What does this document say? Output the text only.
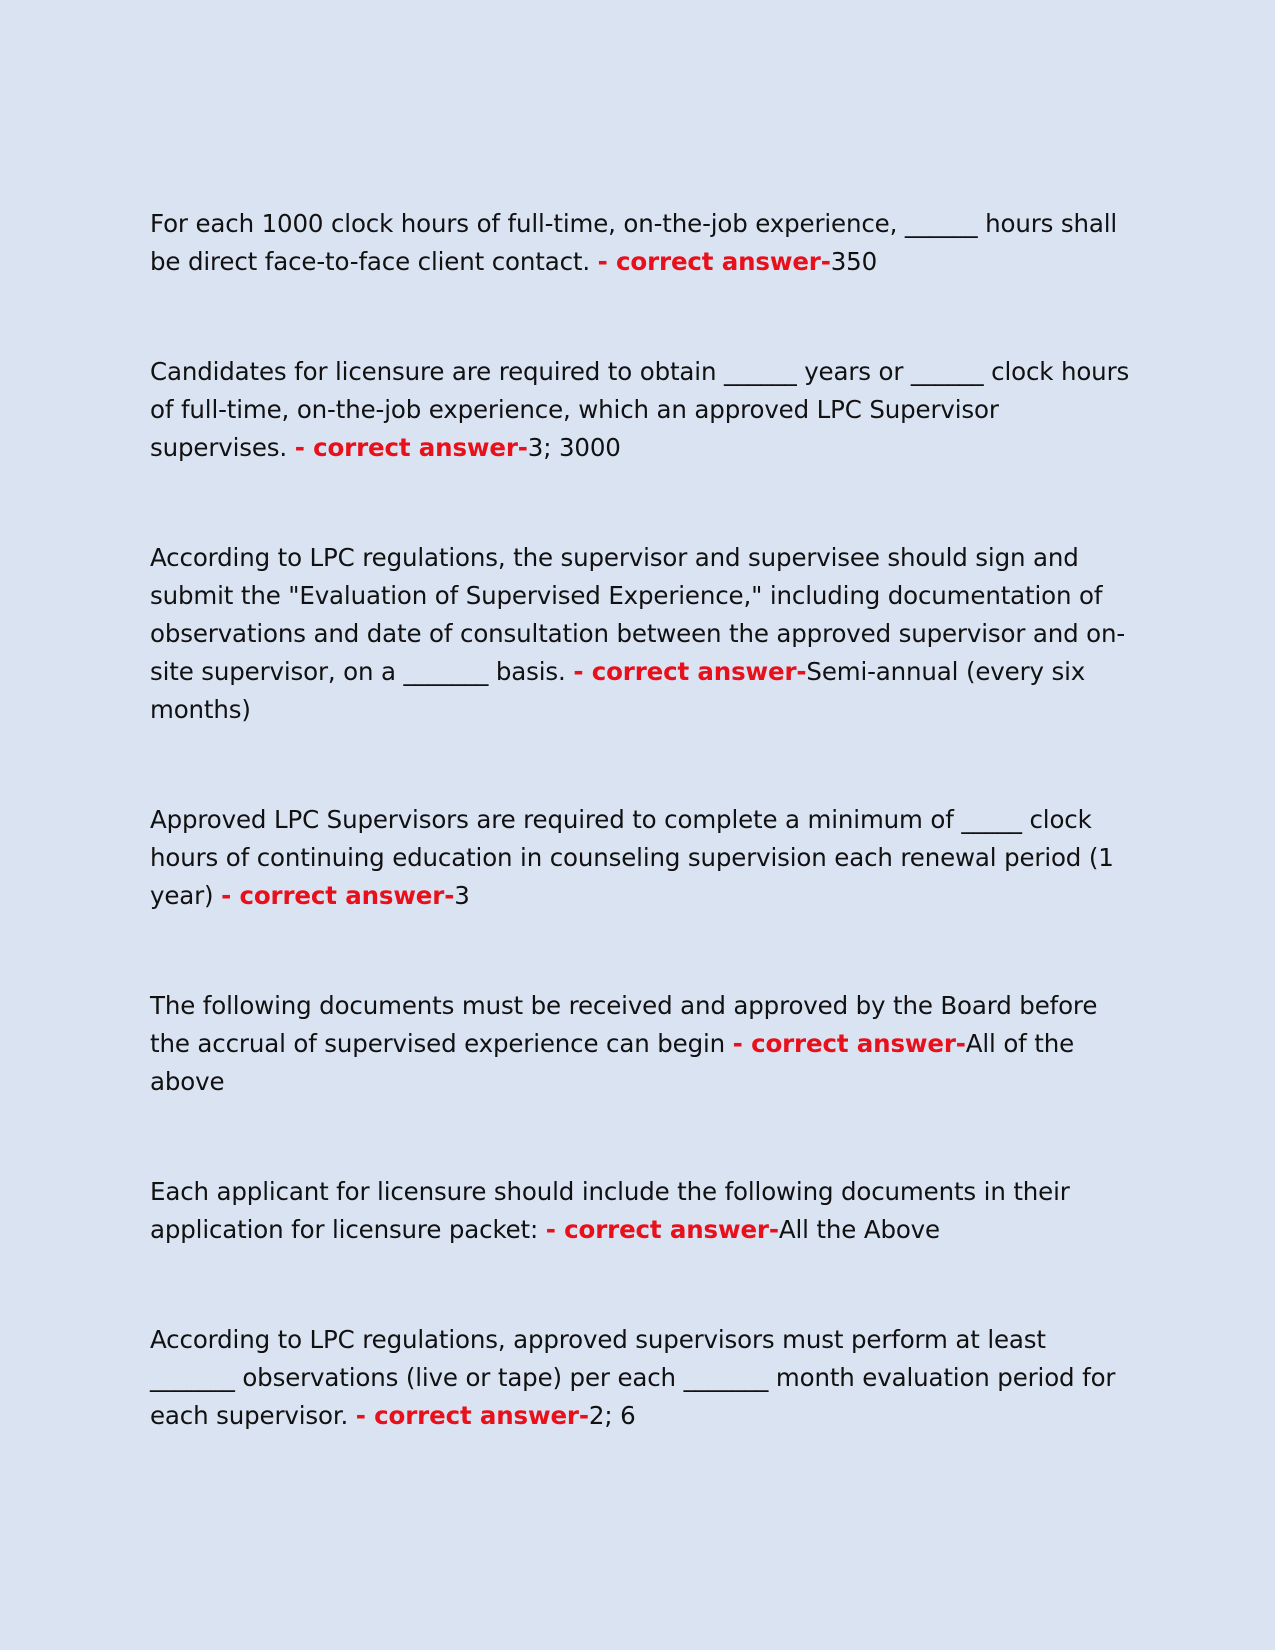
For each 1000 clock hours of full-time, on-the-job experience, ______ hours shall be direct face-to-face client contact. - correct answer-350

Candidates for licensure are required to obtain ______ years or ______ clock hours of full-time, on-the-job experience, which an approved LPC Supervisor supervises. - correct answer-3; 3000

According to LPC regulations, the supervisor and supervisee should sign and submit the "Evaluation of Supervised Experience," including documentation of observations and date of consultation between the approved supervisor and on-site supervisor, on a _______ basis. - correct answer-Semi-annual (every six months)

Approved LPC Supervisors are required to complete a minimum of _____ clock hours of continuing education in counseling supervision each renewal period (1 year) - correct answer-3

The following documents must be received and approved by the Board before the accrual of supervised experience can begin - correct answer-All of the above

Each applicant for licensure should include the following documents in their application for licensure packet: - correct answer-All the Above

According to LPC regulations, approved supervisors must perform at least _______ observations (live or tape) per each _______ month evaluation period for each supervisor. - correct answer-2; 6
